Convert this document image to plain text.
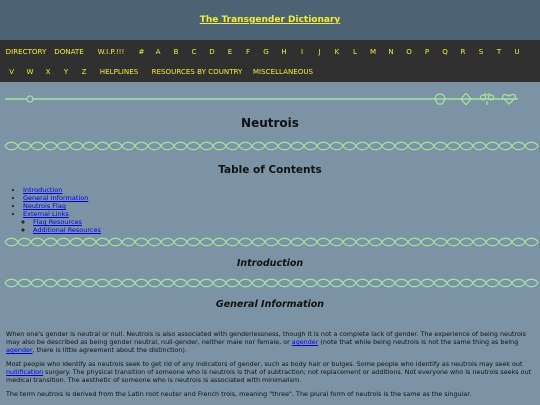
The Transgender Dictionary
DIRECTORY	DONATE	W.I.P.!!!	#	A	B	C	D	E	F	G	H	I	J	K	L	M	N	O	P	Q	R	S	T	U
V	W	X	Y	Z	HELPLINES	RESOURCES BY COUNTRY	MISCELLANEOUS
Neutrois
Table of Contents
• Introduction
• General Information
• Neutrois Flag
• External Links
◦ Flag Resources
◦ Additional Resources
Introduction
General Information

When one's gender is neutral or null. Neutrois is also associated with genderlessness, though it is not a complete lack of gender. The experience of being neutrois may also be described as being gender neutral, null-gender, neither male nor female, or agender (note that while being neutrois is not the same thing as being agender, there is little agreement about the distinction).

Most people who identify as neutrois seek to get rid of any indicators of gender, such as body hair or bulges. Some people who identify as neutrois may seek out nullification surgery. The physical transition of someone who is neutrois is that of subtraction; not replacement or additions. Not everyone who is neutrois seeks out medical transition. The aesthetic of someone who is neutrois is associated with minimalism.

The term neutrois is derived from the Latin root neuter and French trois, meaning "three". The plural form of neutrois is the same as the singular.
